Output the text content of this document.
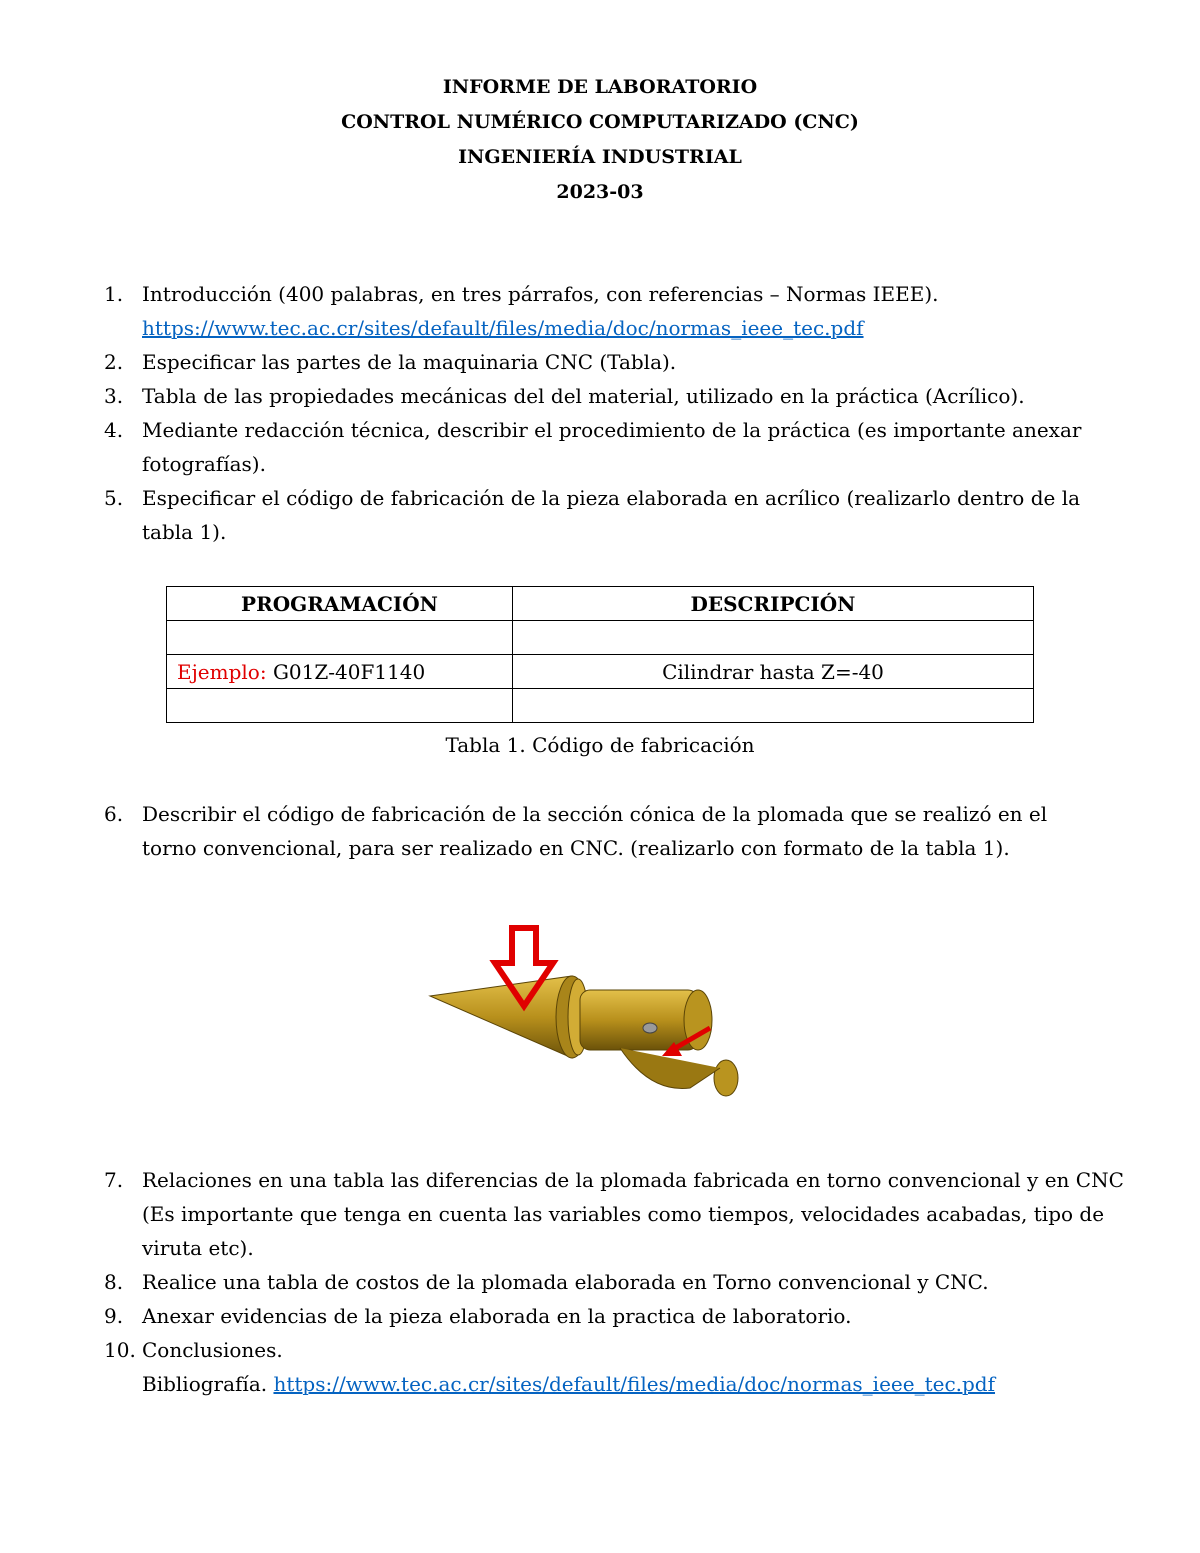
INFORME DE LABORATORIO
CONTROL NUMÉRICO COMPUTARIZADO (CNC)
INGENIERÍA INDUSTRIAL
2023-03
1. Introducción (400 palabras, en tres párrafos, con referencias – Normas IEEE).
https://www.tec.ac.cr/sites/default/files/media/doc/normas_ieee_tec.pdf
2. Especificar las partes de la maquinaria CNC (Tabla).
3. Tabla de las propiedades mecánicas del del material, utilizado en la práctica (Acrílico).
4. Mediante redacción técnica, describir el procedimiento de la práctica (es importante anexar fotografías).
5. Especificar el código de fabricación de la pieza elaborada en acrílico (realizarlo dentro de la tabla 1).
PROGRAMACIÓN	DESCRIPCIÓN

Ejemplo: G01Z-40F1140	Cilindrar hasta Z=-40

Tabla 1. Código de fabricación
6. Describir el código de fabricación de la sección cónica de la plomada que se realizó en el torno convencional, para ser realizado en CNC. (realizarlo con formato de la tabla 1).
7. Relaciones en una tabla las diferencias de la plomada fabricada en torno convencional y en CNC (Es importante que tenga en cuenta las variables como tiempos, velocidades acabadas, tipo de viruta etc).
8. Realice una tabla de costos de la plomada elaborada en Torno convencional y CNC.
9. Anexar evidencias de la pieza elaborada en la practica de laboratorio.
10. Conclusiones.
Bibliografía. https://www.tec.ac.cr/sites/default/files/media/doc/normas_ieee_tec.pdf
